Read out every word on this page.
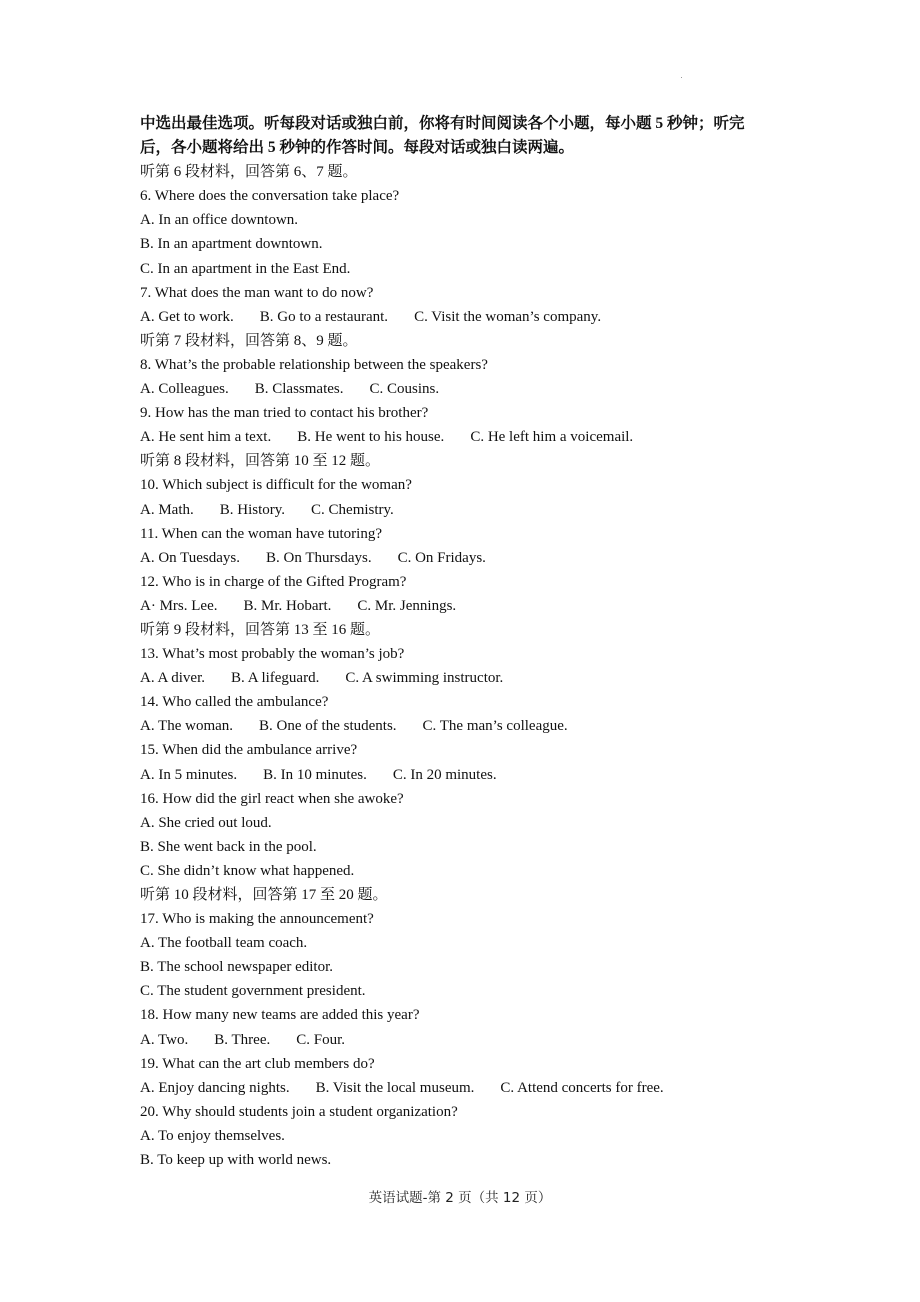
中选出最佳选项。听每段对话或独白前，你将有时间阅读各个小题，每小题 5 秒钟；听完
后，各小题将给出 5 秒钟的作答时间。每段对话或独白读两遍。
听第 6 段材料，回答第 6、7 题。
6. Where does the conversation take place?
A. In an office downtown.
B. In an apartment downtown.
C. In an apartment in the East End.
7. What does the man want to do now?
A. Get to work. B. Go to a restaurant. C. Visit the woman’s company.
听第 7 段材料，回答第 8、9 题。
8. What’s the probable relationship between the speakers?
A. Colleagues. B. Classmates. C. Cousins.
9. How has the man tried to contact his brother?
A. He sent him a text. B. He went to his house. C. He left him a voicemail.
听第 8 段材料，回答第 10 至 12 题。
10. Which subject is difficult for the woman?
A. Math. B. History. C. Chemistry.
11. When can the woman have tutoring?
A. On Tuesdays. B. On Thursdays. C. On Fridays.
12. Who is in charge of the Gifted Program?
A· Mrs. Lee. B. Mr. Hobart. C. Mr. Jennings.
听第 9 段材料，回答第 13 至 16 题。
13. What’s most probably the woman’s job?
A. A diver. B. A lifeguard. C. A swimming instructor.
14. Who called the ambulance?
A. The woman. B. One of the students. C. The man’s colleague.
15. When did the ambulance arrive?
A. In 5 minutes. B. In 10 minutes. C. In 20 minutes.
16. How did the girl react when she awoke?
A. She cried out loud.
B. She went back in the pool.
C. She didn’t know what happened.
听第 10 段材料，回答第 17 至 20 题。
17. Who is making the announcement?
A. The football team coach.
B. The school newspaper editor.
C. The student government president.
18. How many new teams are added this year?
A. Two. B. Three. C. Four.
19. What can the art club members do?
A. Enjoy dancing nights. B. Visit the local museum. C. Attend concerts for free.
20. Why should students join a student organization?
A. To enjoy themselves.
B. To keep up with world news.
英语试题-第 2 页（共 12 页）
